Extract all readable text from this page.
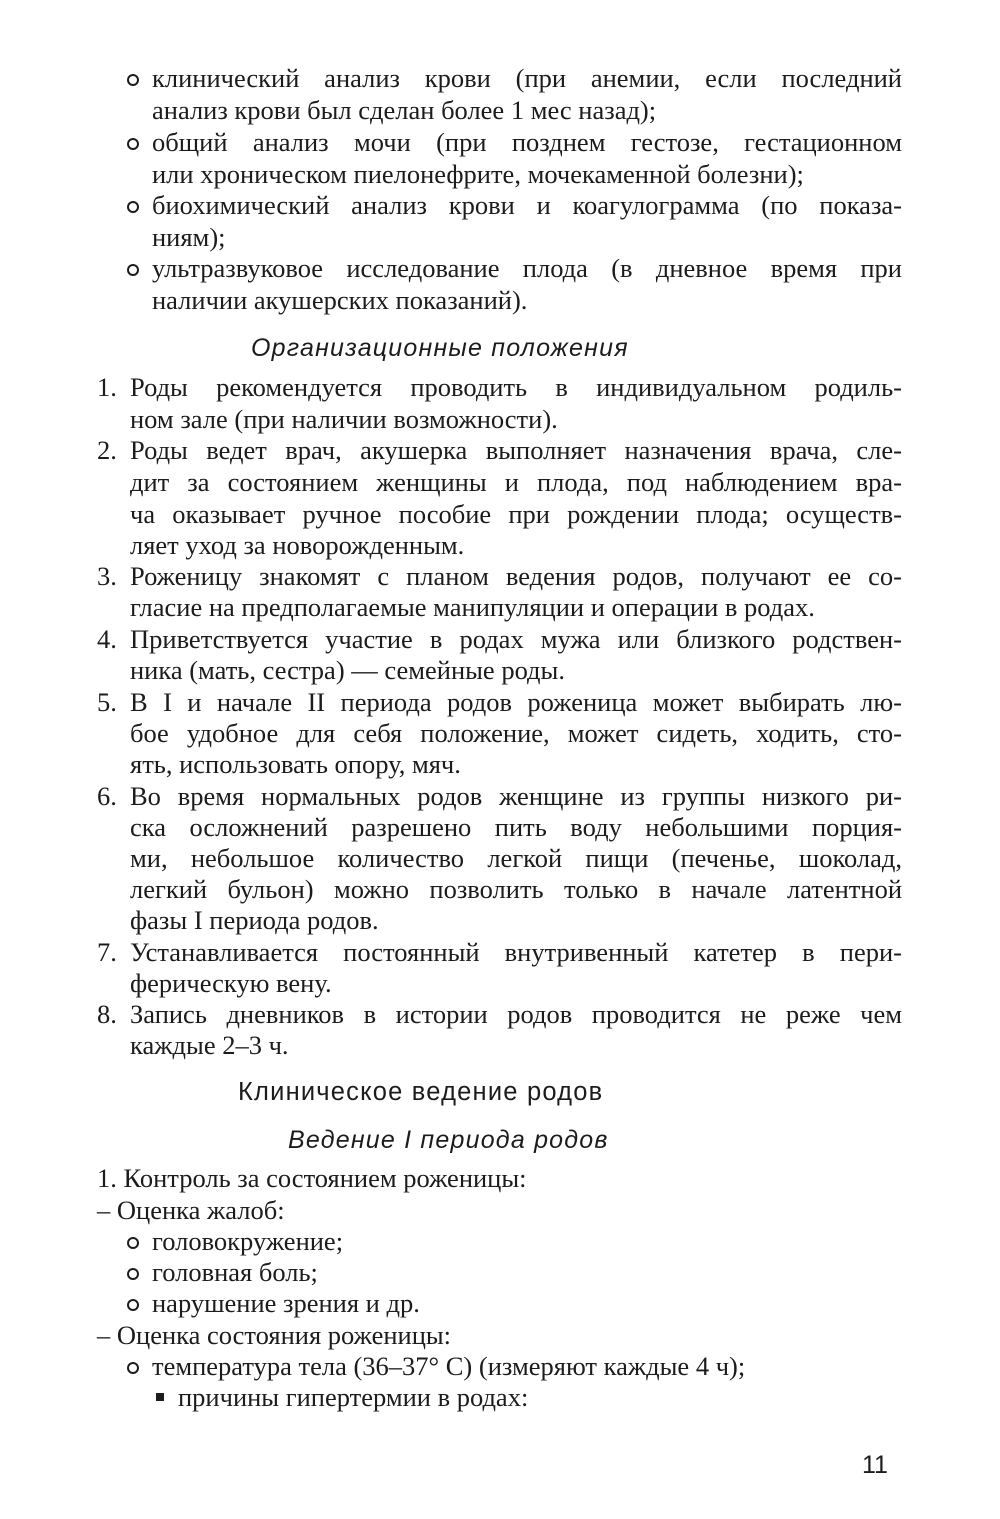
клинический анализ крови (при анемии, если последний
анализ крови был сделан более 1 мес назад);
общий анализ мочи (при позднем гестозе, гестационном
или хроническом пиелонефрите, мочекаменной болезни);
биохимический анализ крови и коагулограмма (по показа-
ниям);
ультразвуковое исследование плода (в дневное время при
наличии акушерских показаний).
Организационные положения
1. Роды рекомендуется проводить в индивидуальном родиль-
ном зале (при наличии возможности).
2. Роды ведет врач, акушерка выполняет назначения врача, сле-
дит за состоянием женщины и плода, под наблюдением вра-
ча оказывает ручное пособие при рождении плода; осуществ-
ляет уход за новорожденным.
3. Роженицу знакомят с планом ведения родов, получают ее со-
гласие на предполагаемые манипуляции и операции в родах.
4. Приветствуется участие в родах мужа или близкого родствен-
ника (мать, сестра) — семейные роды.
5. В I и начале II периода родов роженица может выбирать лю-
бое удобное для себя положение, может сидеть, ходить, сто-
ять, использовать опору, мяч.
6. Во время нормальных родов женщине из группы низкого ри-
ска осложнений разрешено пить воду небольшими порция-
ми, небольшое количество легкой пищи (печенье, шоколад,
легкий бульон) можно позволить только в начале латентной
фазы I периода родов.
7. Устанавливается постоянный внутривенный катетер в пери-
ферическую вену.
8. Запись дневников в истории родов проводится не реже чем
каждые 2–3 ч.
Клиническое ведение родов
Ведение I периода родов
1. Контроль за состоянием роженицы:
– Оценка жалоб:
головокружение;
головная боль;
нарушение зрения и др.
– Оценка состояния роженицы:
температура тела (36–37° С) (измеряют каждые 4 ч);
причины гипертермии в родах:
11
